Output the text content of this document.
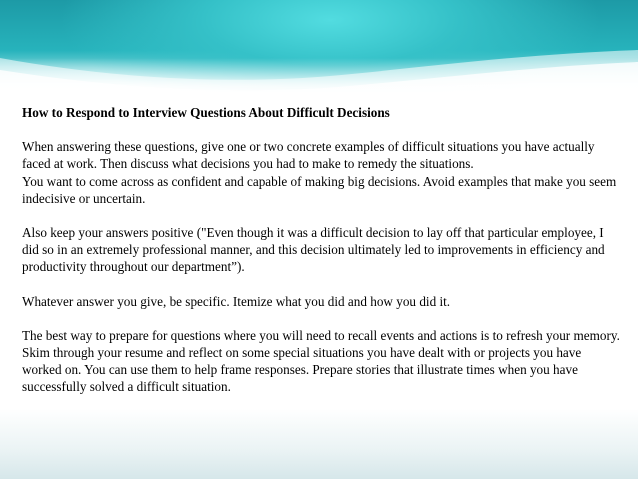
How to Respond to Interview Questions About Difficult Decisions
When answering these questions, give one or two concrete examples of difficult situations you have actually faced at work. Then discuss what decisions you had to make to remedy the situations.
You want to come across as confident and capable of making big decisions. Avoid examples that make you seem indecisive or uncertain.
Also keep your answers positive ("Even though it was a difficult decision to lay off that particular employee, I did so in an extremely professional manner, and this decision ultimately led to improvements in efficiency and productivity throughout our department”).
Whatever answer you give, be specific. Itemize what you did and how you did it.
The best way to prepare for questions where you will need to recall events and actions is to refresh your memory. Skim through your resume and reflect on some special situations you have dealt with or projects you have worked on. You can use them to help frame responses. Prepare stories that illustrate times when you have successfully solved a difficult situation.
